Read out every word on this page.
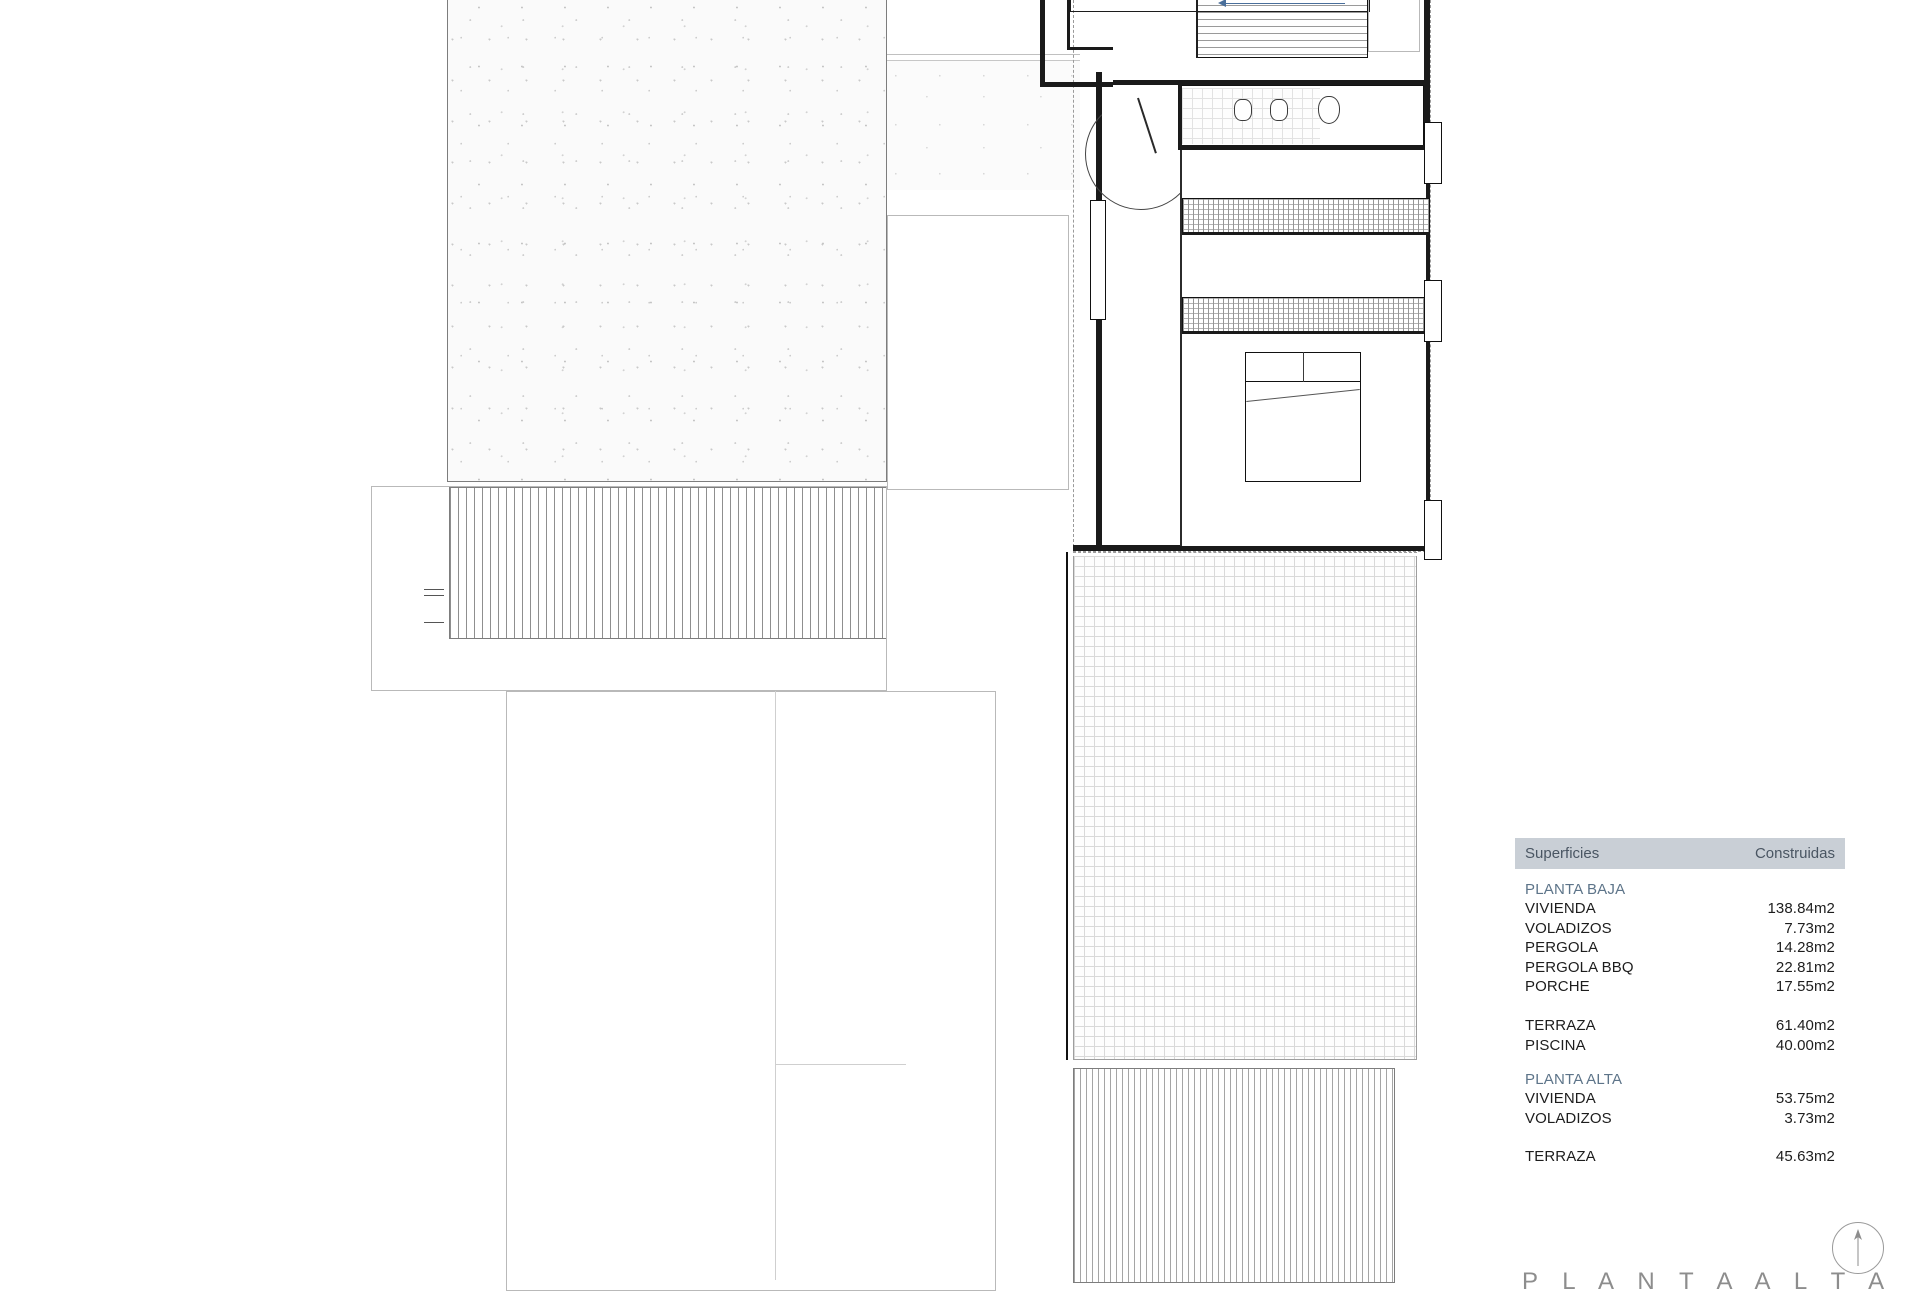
Superficies	Construidas
PLANTA BAJA
VIVIENDA	138.84m2
VOLADIZOS	7.73m2
PERGOLA	14.28m2
PERGOLA BBQ	22.81m2
PORCHE	17.55m2
TERRAZA	61.40m2
PISCINA	40.00m2
PLANTA ALTA
VIVIENDA	53.75m2
VOLADIZOS	3.73m2
TERRAZA	45.63m2
P L A N T A A L T A
